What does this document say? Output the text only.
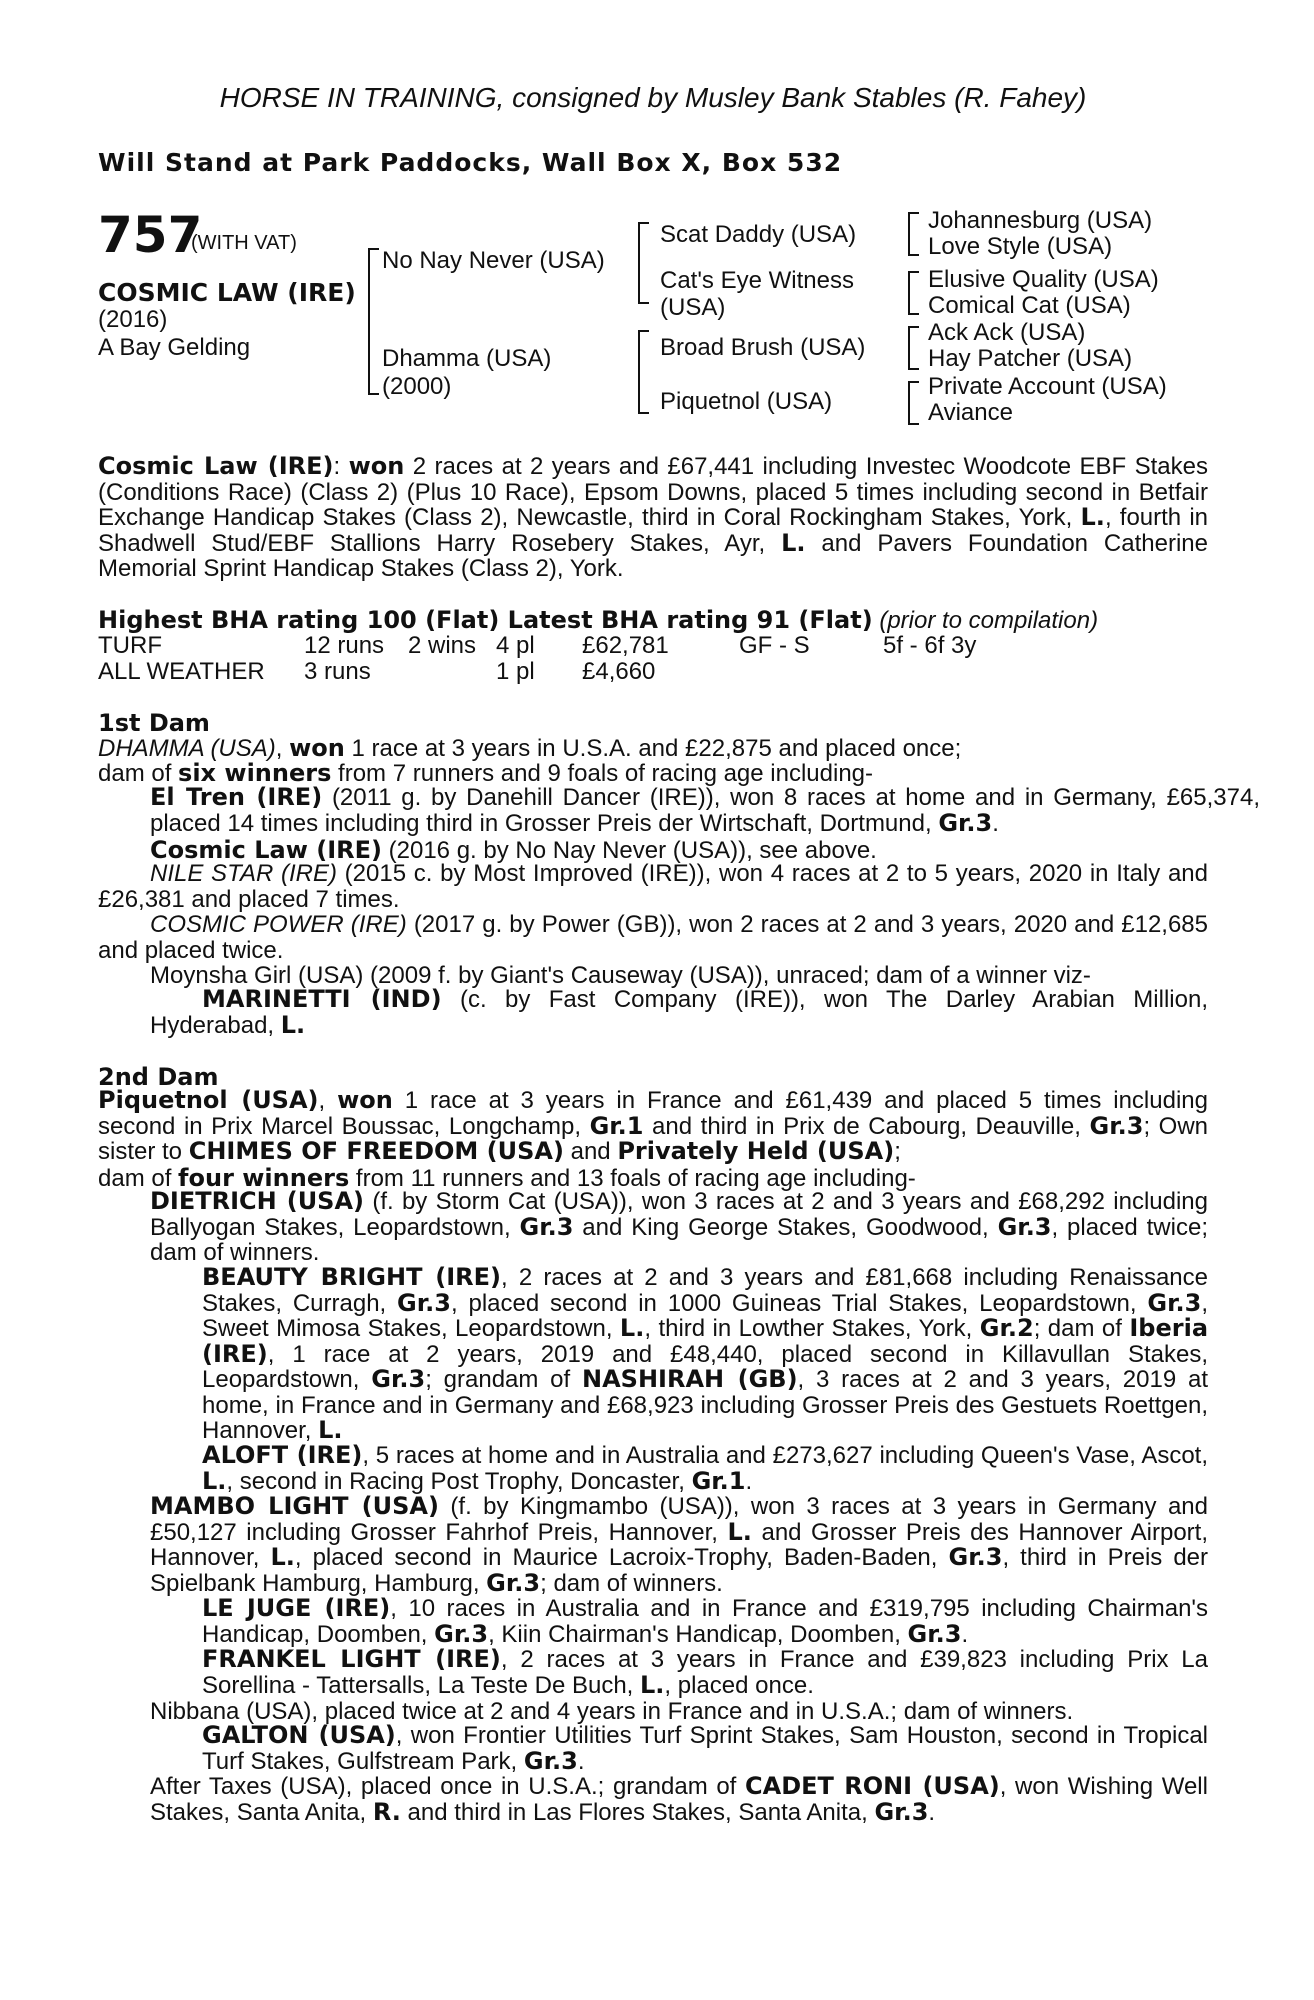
HORSE IN TRAINING, consigned by Musley Bank Stables (R. Fahey)
Will Stand at Park Paddocks, Wall Box X, Box 532
757
(WITH VAT)
COSMIC LAW (IRE)
(2016)
A Bay Gelding
No Nay Never (USA)
Dhamma (USA)
(2000)
Scat Daddy (USA)
Cat's Eye Witness
(USA)
Broad Brush (USA)
Piquetnol (USA)
Johannesburg (USA)
Love Style (USA)
Elusive Quality (USA)
Comical Cat (USA)
Ack Ack (USA)
Hay Patcher (USA)
Private Account (USA)
Aviance
Cosmic Law (IRE): won 2 races at 2 years and £67,441 including Investec Woodcote EBF Stakes (Conditions Race) (Class 2) (Plus 10 Race), Epsom Downs, placed 5 times including second in Betfair Exchange Handicap Stakes (Class 2), Newcastle, third in Coral Rockingham Stakes, York, L., fourth in Shadwell Stud/EBF Stallions Harry Rosebery Stakes, Ayr, L. and Pavers Foundation Catherine Memorial Sprint Handicap Stakes (Class 2), York.
Highest BHA rating 100 (Flat) Latest BHA rating 91 (Flat) (prior to compilation)
TURF	12 runs 2 wins 4 pl £62,781	GF - S	5f - 6f 3y
ALL WEATHER 3 runs	1 pl £4,660
1st Dam
DHAMMA (USA), won 1 race at 3 years in U.S.A. and £22,875 and placed once;
dam of six winners from 7 runners and 9 foals of racing age including-
El Tren (IRE) (2011 g. by Danehill Dancer (IRE)), won 8 races at home and in Germany, £65,374, placed 14 times including third in Grosser Preis der Wirtschaft, Dortmund, Gr.3.
Cosmic Law (IRE) (2016 g. by No Nay Never (USA)), see above.
NILE STAR (IRE) (2015 c. by Most Improved (IRE)), won 4 races at 2 to 5 years, 2020 in Italy and £26,381 and placed 7 times.
COSMIC POWER (IRE) (2017 g. by Power (GB)), won 2 races at 2 and 3 years, 2020 and £12,685 and placed twice.
Moynsha Girl (USA) (2009 f. by Giant's Causeway (USA)), unraced; dam of a winner viz-
MARINETTI (IND) (c. by Fast Company (IRE)), won The Darley Arabian Million, Hyderabad, L.
2nd Dam
Piquetnol (USA), won 1 race at 3 years in France and £61,439 and placed 5 times including second in Prix Marcel Boussac, Longchamp, Gr.1 and third in Prix de Cabourg, Deauville, Gr.3; Own sister to CHIMES OF FREEDOM (USA) and Privately Held (USA);
dam of four winners from 11 runners and 13 foals of racing age including-
DIETRICH (USA) (f. by Storm Cat (USA)), won 3 races at 2 and 3 years and £68,292 including Ballyogan Stakes, Leopardstown, Gr.3 and King George Stakes, Goodwood, Gr.3, placed twice; dam of winners.
BEAUTY BRIGHT (IRE), 2 races at 2 and 3 years and £81,668 including Renaissance Stakes, Curragh, Gr.3, placed second in 1000 Guineas Trial Stakes, Leopardstown, Gr.3, Sweet Mimosa Stakes, Leopardstown, L., third in Lowther Stakes, York, Gr.2; dam of Iberia (IRE), 1 race at 2 years, 2019 and £48,440, placed second in Killavullan Stakes, Leopardstown, Gr.3; grandam of NASHIRAH (GB), 3 races at 2 and 3 years, 2019 at home, in France and in Germany and £68,923 including Grosser Preis des Gestuets Roettgen, Hannover, L.
ALOFT (IRE), 5 races at home and in Australia and £273,627 including Queen's Vase, Ascot, L., second in Racing Post Trophy, Doncaster, Gr.1.
MAMBO LIGHT (USA) (f. by Kingmambo (USA)), won 3 races at 3 years in Germany and £50,127 including Grosser Fahrhof Preis, Hannover, L. and Grosser Preis des Hannover Airport, Hannover, L., placed second in Maurice Lacroix-Trophy, Baden-Baden, Gr.3, third in Preis der Spielbank Hamburg, Hamburg, Gr.3; dam of winners.
LE JUGE (IRE), 10 races in Australia and in France and £319,795 including Chairman's Handicap, Doomben, Gr.3, Kiin Chairman's Handicap, Doomben, Gr.3.
FRANKEL LIGHT (IRE), 2 races at 3 years in France and £39,823 including Prix La Sorellina - Tattersalls, La Teste De Buch, L., placed once.
Nibbana (USA), placed twice at 2 and 4 years in France and in U.S.A.; dam of winners.
GALTON (USA), won Frontier Utilities Turf Sprint Stakes, Sam Houston, second in Tropical Turf Stakes, Gulfstream Park, Gr.3.
After Taxes (USA), placed once in U.S.A.; grandam of CADET RONI (USA), won Wishing Well Stakes, Santa Anita, R. and third in Las Flores Stakes, Santa Anita, Gr.3.
